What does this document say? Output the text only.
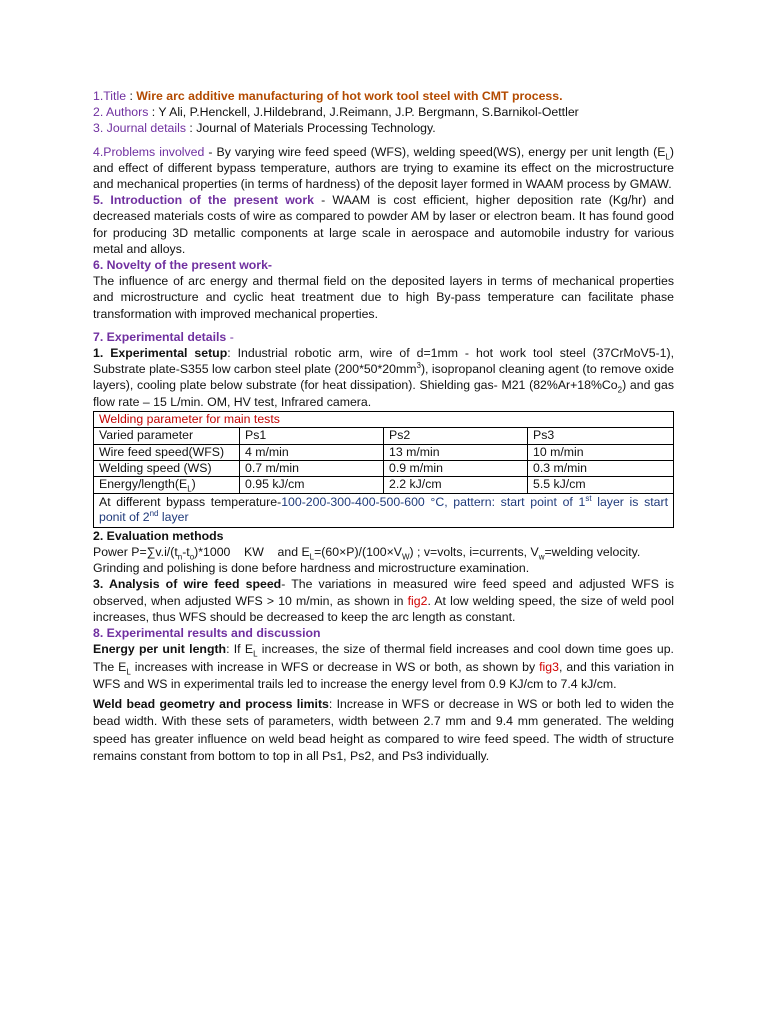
1.Title : Wire arc additive manufacturing of hot work tool steel with CMT process.

2. Authors : Y Ali, P.Henckell, J.Hildebrand, J.Reimann, J.P. Bergmann, S.Barnikol-Oettler

3. Journal details : Journal of Materials Processing Technology.

4.Problems involved - By varying wire feed speed (WFS), welding speed(WS), energy per unit length $(E_L)$ and effect of different bypass temperature, authors are trying to examine its effect on the microstructure and mechanical properties (in terms of hardness) of the deposit layer formed in WAAM process by GMAW.

5. Introduction of the present work - WAAM is cost efficient, higher deposition rate (Kg/hr) and decreased materials costs of wire as compared to powder AM by laser or electron beam. It has found good for producing 3D metallic components at large scale in aerospace and automobile industry for various metal and alloys.

6. Novelty of the present work-

The influence of arc energy and thermal field on the deposited layers in terms of mechanical properties and microstructure and cyclic heat treatment due to high By-pass temperature can facilitate phase transformation with improved mechanical properties.

7. Experimental details -

1. Experimental setup: Industrial robotic arm, wire of d=1mm - hot work tool steel (37CrMoV5-1), Substrate plate-S355 low carbon steel plate $(200*50*20mm^3)$, isopropanol cleaning agent (to remove oxide layers), cooling plate below substrate (for heat dissipation). Shielding gas- M21 $(82\%Ar+18\%Co_2)$ and gas flow rate – 15 L/min. OM, HV test, Infrared camera.

Welding parameter for main tests			
Varied parameter	Ps1	Ps2	Ps3
Wire feed speed(WFS)	4 m/min	13 m/min	10 m/min
Welding speed (WS)	0.7 m/min	0.9 m/min	0.3 m/min
Energy/$length(E_L)$	0.95 kJ/cm	2.2 kJ/cm	5.5 kJ/cm
At different bypass temperature-100-200-300-400-500-600 °C, pattern: start point of 1st layer is start ponit of 2nd layer			

2. Evaluation methods

Power $P=\sum v.i/(t_n-t_o)*1000$    KW    and $E_L=(60\times P)/(100\times V_W)$ ; v=volts, i=currents, $V_w=welding$ velocity.

Grinding and polishing is done before hardness and microstructure examination.

3. Analysis of wire feed speed- The variations in measured wire feed speed and adjusted WFS is observed, when adjusted WFS > 10 m/min, as shown in fig2. At low welding speed, the size of weld pool increases, thus WFS should be decreased to keep the arc length as constant.

8. Experimental results and discussion

Energy per unit length: If $E_L$ increases, the size of thermal field increases and cool down time goes up. The $E_L$ increases with increase in WFS or decrease in WS or both, as shown by fig3, and this variation in WFS and WS in experimental trails led to increase the energy level from 0.9 KJ/cm to 7.4 kJ/cm.

Weld bead geometry and process limits: Increase in WFS or decrease in WS or both led to widen the bead width. With these sets of parameters, width between 2.7 mm and 9.4 mm generated. The welding speed has greater influence on weld bead height as compared to wire feed speed. The width of structure remains constant from bottom to top in all Ps1, Ps2, and Ps3 individually.
